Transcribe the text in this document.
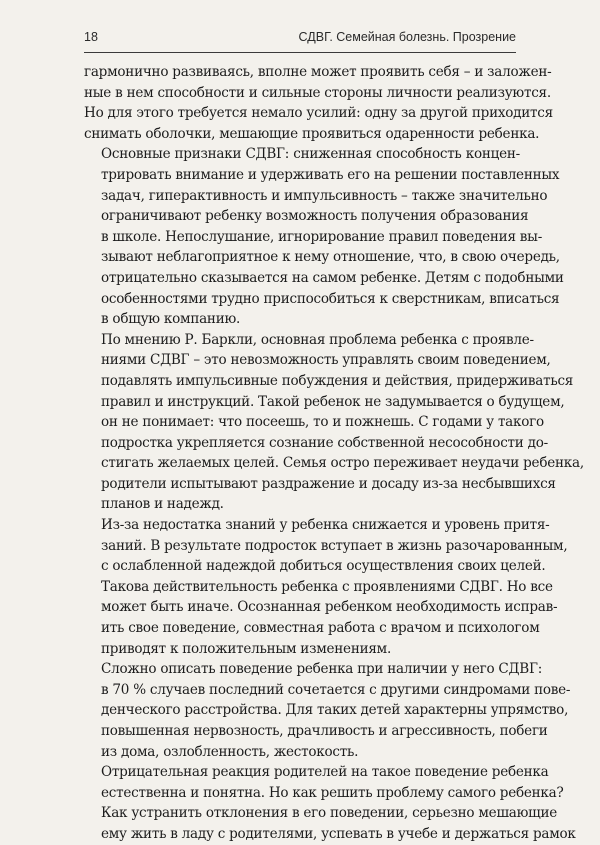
18	СДВГ. Семейная болезнь. Прозрение

гармонично развиваясь, вполне может проявить себя – и заложен-
ные в нем способности и сильные стороны личности реализуются.
Но для этого требуется немало усилий: одну за другой приходится
снимать оболочки, мешающие проявиться одаренности ребенка.

Основные признаки СДВГ: сниженная способность концен-
трировать внимание и удерживать его на решении поставленных
задач, гиперактивность и импульсивность – также значительно
ограничивают ребенку возможность получения образования
в школе. Непослушание, игнорирование правил поведения вы-
зывают неблагоприятное к нему отношение, что, в свою очередь,
отрицательно сказывается на самом ребенке. Детям с подобными
особенностями трудно приспособиться к сверстникам, вписаться
в общую компанию.

По мнению Р. Баркли, основная проблема ребенка с проявле-
ниями СДВГ – это невозможность управлять своим поведением,
подавлять импульсивные побуждения и действия, придерживаться
правил и инструкций. Такой ребенок не задумывается о будущем,
он не понимает: что посеешь, то и пожнешь. С годами у такого
подростка укрепляется сознание собственной несособности до-
стигать желаемых целей. Семья остро переживает неудачи ребенка,
родители испытывают раздражение и досаду из-за несбывшихся
планов и надежд.

Из-за недостатка знаний у ребенка снижается и уровень притя-
заний. В результате подросток вступает в жизнь разочарованным,
с ослабленной надеждой добиться осуществления своих целей.

Такова действительность ребенка с проявлениями СДВГ. Но все
может быть иначе. Осознанная ребенком необходимость исправ-
ить свое поведение, совместная работа с врачом и психологом
приводят к положительным изменениям.

Сложно описать поведение ребенка при наличии у него СДВГ:
в 70 % случаев последний сочетается с другими синдромами пове-
денческого расстройства. Для таких детей характерны упрямство,
повышенная нервозность, драчливость и агрессивность, побеги
из дома, озлобленность, жестокость.

Отрицательная реакция родителей на такое поведение ребенка
естественна и понятна. Но как решить проблему самого ребенка?
Как устранить отклонения в его поведении, серьезно мешающие
ему жить в ладу с родителями, успевать в учебе и держаться рамок
